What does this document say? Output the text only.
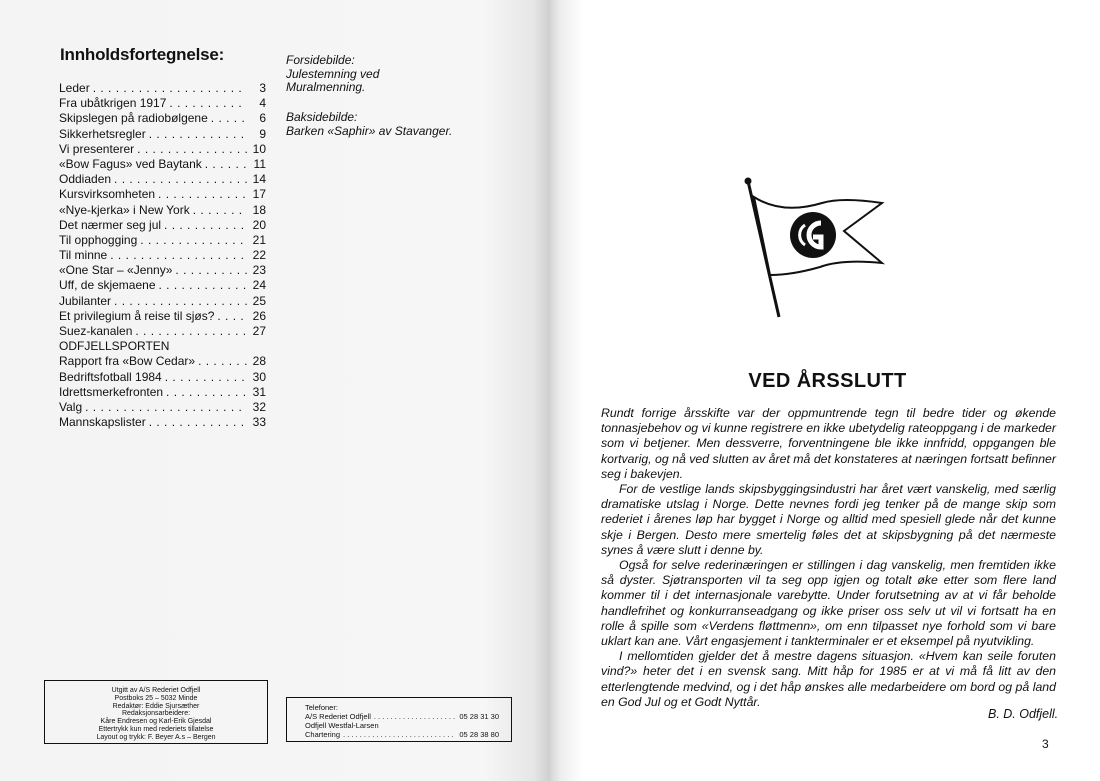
Innholdsfortegnelse:
Leder . . .	3
Fra ubåtkrigen 1917 . . .	4
Skipslegen på radiobølgene . . .	6
Sikkerhetsregler . . .	9
Vi presenterer . . .	10
«Bow Fagus» ved Baytank . . .	11
Oddiaden . . .	14
Kursvirksomheten . . .	17
«Nye-kjerka» i New York . . .	18
Det nærmer seg jul . . .	20
Til opphogging . . .	21
Til minne . . .	22
«One Star – «Jenny» . . .	23
Uff, de skjemaene . . .	24
Jubilanter . . .	25
Et privilegium å reise til sjøs? . . .	26
Suez-kanalen . . .	27
ODFJELLSPORTEN
Rapport fra «Bow Cedar» . . .	28
Bedriftsfotball 1984 . . .	30
Idrettsmerkefronten . . .	31
Valg . . .	32
Mannskapslister . . .	33
Forsidebilde:
Julestemning ved
Muralmenning.
Baksidebilde:
Barken «Saphir» av Stavanger.
Utgitt av A/S Rederiet Odfjell
Postboks 25 – 5032 Minde
Redaktør: Eddie Sjursæther
Redaksjonsarbeidere:
Kåre Endresen og Karl-Erik Gjesdal
Ettertrykk kun med rederiets tillatelse
Layout og trykk: F. Beyer A.s – Bergen
Telefoner:
A/S Rederiet Odfjell . . .	05 28 31 30
Odfjell Westfal-Larsen
Chartering . . .	05 28 38 80
VED ÅRSSLUTT

Rundt forrige årsskifte var der oppmuntrende tegn til bedre tider og økende tonnasjebehov og vi kunne registrere en ikke ubetydelig rateoppgang i de markeder som vi betjener. Men dessverre, forventningene ble ikke innfridd, oppgangen ble kortvarig, og nå ved slutten av året må det konstateres at næringen fortsatt befinner seg i bakevjen.

For de vestlige lands skipsbyggingsindustri har året vært vanskelig, med særlig dramatiske utslag i Norge. Dette nevnes fordi jeg tenker på de mange skip som rederiet i årenes løp har bygget i Norge og alltid med spesiell glede når det kunne skje i Bergen. Desto mere smertelig føles det at skipsbygning på det nærmeste synes å være slutt i denne by.

Også for selve rederinæringen er stillingen i dag vanskelig, men fremtiden ikke så dyster. Sjøtransporten vil ta seg opp igjen og totalt øke etter som flere land kommer til i det internasjonale varebytte. Under forutsetning av at vi får beholde handlefrihet og konkurranseadgang og ikke priser oss selv ut vil vi fortsatt ha en rolle å spille som «Verdens fløttmenn», om enn tilpasset nye forhold som vi bare uklart kan ane. Vårt engasjement i tankterminaler er et eksempel på nyutvikling.

I mellomtiden gjelder det å mestre dagens situasjon. «Hvem kan seile foruten vind?» heter det i en svensk sang. Mitt håp for 1985 er at vi må få litt av den etterlengtende medvind, og i det håp ønskes alle medarbeidere om bord og på land en God Jul og et Godt Nyttår.

B. D. Odfjell.
3
